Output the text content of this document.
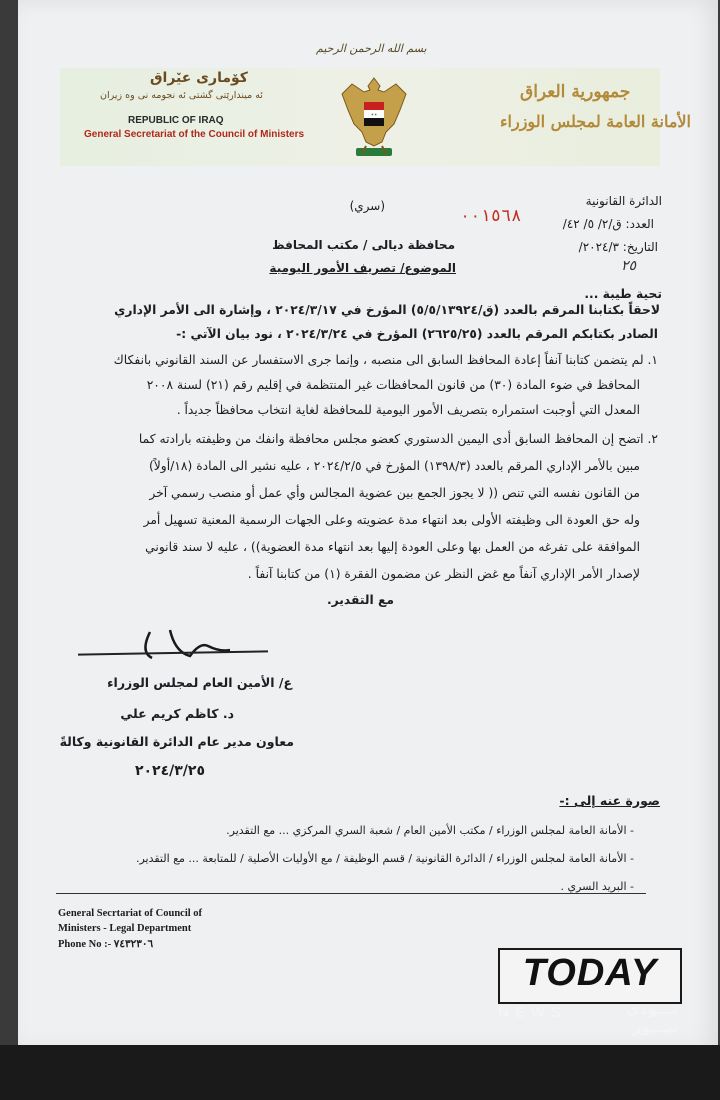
بسم الله الرحمن الرحيم
كوٚماری عیٚراق
ئه ميندارێتی گشتی ئه نجومه نی وه زيران
REPUBLIC OF IRAQ
General Secretariat of the Council of Ministers
جمهورية العراق
الأمانة العامة لمجلس الوزراء
✶✶
الدائرة القانونية
العدد: ق/٢/ ٥/ ٤٢/
٠٠١٥٦٨
التاريخ: ٢٠٢٤/٣/
٢٥
(سري)
محافظة ديالى / مكتب المحافظ
الموضوع/ تصريف الأمور اليومية
تحية طيبة ...
لاحقاً بكتابنا المرقم بالعدد (ق/٥/٥/١٣٩٢٤) المؤرخ في ٢٠٢٤/٣/١٧ ، وإشارة الى الأمر الإداري
الصادر بكتابكم المرقم بالعدد (٢٦٢٥/٢٥) المؤرخ في ٢٠٢٤/٣/٢٤ ، نود بيان الآتي :-
١. لم يتضمن كتابنا آنفاً إعادة المحافظ السابق الى منصبه ، وإنما جرى الاستفسار عن السند القانوني بانفكاك
المحافظ في ضوء المادة (٣٠) من قانون المحافظات غير المنتظمة في إقليم رقم (٢١) لسنة ٢٠٠٨
المعدل التي أوجبت استمراره بتصريف الأمور اليومية للمحافظة لغاية انتخاب محافظاً جديداً .
٢. اتضح إن المحافظ السابق أدى اليمين الدستوري كعضو مجلس محافظة وانفك من وظيفته بارادته كما
مبين بالأمر الإداري المرقم بالعدد (١٣٩٨/٣) المؤرخ في ٢٠٢٤/٢/٥ ، عليه نشير الى المادة (١٨/أولاً)
من القانون نفسه التي تنص (( لا يجوز الجمع بين عضوية المجالس وأي عمل أو منصب رسمي آخر
وله حق العودة الى وظيفته الأولى بعد انتهاء مدة عضويته وعلى الجهات الرسمية المعنية تسهيل أمر
الموافقة على تفرغه من العمل بها وعلى العودة إليها بعد انتهاء مدة العضوية)) ، عليه لا سند قانوني
لإصدار الأمر الإداري آنفاً مع غض النظر عن مضمون الفقرة (١) من كتابنا آنفاً .
مع التقدير.
ع/ الأمين العام لمجلس الوزراء
د. كاظم كريم علي
معاون مدير عام الدائرة القانونية وكالةً
٢٠٢٤/٣/٢٥
صورة عنه إلى :-
- الأمانة العامة لمجلس الوزراء / مكتب الأمين العام / شعبة السري المركزي ... مع التقدير.
- الأمانة العامة لمجلس الوزراء / الدائرة القانونية / قسم الوظيفة / مع الأوليات الأصلية / للمتابعة ... مع التقدير.
- البريد السري .
General Secrtariat of Council of
Ministers - Legal Department
Phone No :- ٧٤٣٢٣٠٦
TODAY
NEWS	تـــودي نيـــوز
